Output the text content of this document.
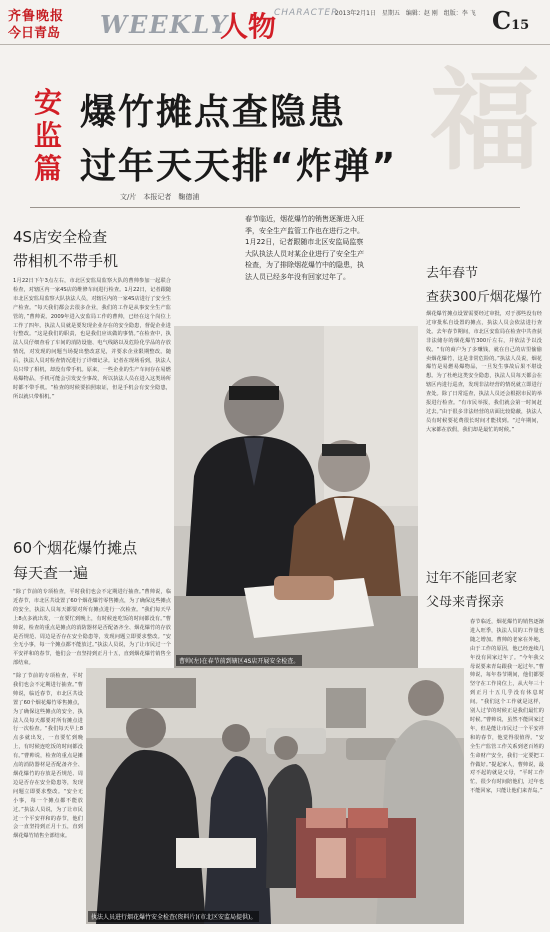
齐鲁晚报
今日青岛 WEEKLY
人物
CHARACTER
2013年2月1日　星期五　编辑：赵 刚　组版：李 飞 C15
福
安监篇
爆竹摊点查隐患
过年天天排“炸弹”
文/片　本报记者　鞠德浦
4S店安全检查
带相机不带手机
1月22日下午3点左右，市北区安监局监察大队的曹帅参加一起联合检查，对辖区内一家4S店的维修车间进行检查。1月22日，记者跟随市北区安监局监察大队执法人员，对辖区内的一家4S店进行了安全生产检查。“每天我们都会去很多企业，我们的工作是从事安全生产监管的，”曹帅说。2009年进入安监局工作的曹帅，已经在这个岗位上工作了四年。执法人员就是要发现企业存在的安全隐患，督促企业进行整改。“这是我们的职责，也是我们应该做的事情。”在检查中，执法人员仔细查看了车间的消防设施、电气线路以及危险化学品的存放情况，对发现的问题当场提出整改意见，并要求企业限期整改。随后，执法人员对检查情况进行了详细记录。记者在现场看到，执法人员只带了相机，却没有带手机。原来，一些企业的生产车间存在易燃易爆物品，手机可能会引发安全事故，所以执法人员在进入这类场所时都不带手机。“检查的时候要拍照取证，但是手机会有安全隐患，所以就只带相机。”
60个烟花爆竹摊点
每天查一遍
“除了节前的专项检查，平时我们也会不定期进行抽查。”曹帅说，临近春节，市北区共设置了60个烟花爆竹零售摊点，为了确保这些摊点的安全，执法人员每天都要对所有摊点进行一次检查。“我们每天早上8点多就出发，一直要忙到晚上，有时候连吃饭的时间都没有。”曹帅说，检查的重点是摊点的消防器材是否配备齐全、烟花爆竹的存放是否规范、周边是否存在安全隐患等，发现问题立即要求整改。“安全无小事，每一个摊点都不能放过。”执法人员说，为了让市民过一个平安祥和的春节，他们会一直坚持到正月十五，直到烟花爆竹销售全部结束。
“除了节前的专项检查，平时我们也会不定期进行抽查。”曹帅说，临近春节，市北区共设置了60个烟花爆竹零售摊点，为了确保这些摊点的安全，执法人员每天都要对所有摊点进行一次检查。“我们每天早上8点多就出发，一直要忙到晚上，有时候连吃饭的时间都没有。”曹帅说，检查的重点是摊点的消防器材是否配备齐全、烟花爆竹的存放是否规范、周边是否存在安全隐患等，发现问题立即要求整改。“安全无小事，每一个摊点都不能放过。”执法人员说，为了让市民过一个平安祥和的春节，他们会一直坚持到正月十五，直到烟花爆竹销售全部结束。
春节临近，烟花爆竹的销售逐渐进入旺季，安全生产监管工作也在进行之中。1月22日，记者跟随市北区安监局监察大队执法人员对某企业进行了安全生产检查，为了排除烟花爆竹中的隐患，执法人员已经多年没有回家过年了。	去年春节
查获300斤烟花爆竹
烟花爆竹摊点设置需要经过审批，对于那些没有经过审批私自设置的摊点，执法人员会依法进行查处。去年春节期间，市北区安监局在检查中共查获非法储存的烟花爆竹300斤左右，并依法予以没收。“有的商户为了多赚钱，就在自己的店里偷偷卖烟花爆竹，这是非常危险的。”执法人员说，烟花爆竹是易燃易爆物品，一旦发生事故后果不堪设想。为了杜绝这类安全隐患，执法人员每天都会在辖区内进行巡查，发现非法经营的情况就立即进行查处。除了日常巡查，执法人员还会根据市民的举报进行检查。“有市民举报，我们就会第一时间赶过去。”由于很多非法经营的店面比较隐蔽，执法人员有时候要花费很长时间才能找到。“过年期间，大家都在放假，我们却是最忙的时候。”
过年不能回老家
父母来青探亲
春节临近，烟花爆竹的销售逐渐进入旺季，执法人员的工作量也随之增加。曹帅的老家在外地，由于工作的原因，他已经连续几年没有回家过年了。“今年我父母说要来青岛跟我一起过年。”曹帅说，每年春节期间，他们都要坚守在工作岗位上，从大年三十到正月十五几乎没有休息时间。“我们这个工作就是这样，别人过节的时候正是我们最忙的时候。”曹帅说，虽然不能回家过年，但是能让市民过一个平安祥和的春节，他觉得很值得。“安全生产监管工作关系到老百姓的生命财产安全，我们一定要把工作做好。”提起家人，曹帅说，最对不起的就是父母，“平时工作忙，很少有时间陪他们，过年也不能回家，只能让他们来青岛。”
曹帅(左)在春节前到辖区4S店开展安全检查。
执法人员进行烟花爆竹安全检查(资料片)(市北区安监局提供)。
